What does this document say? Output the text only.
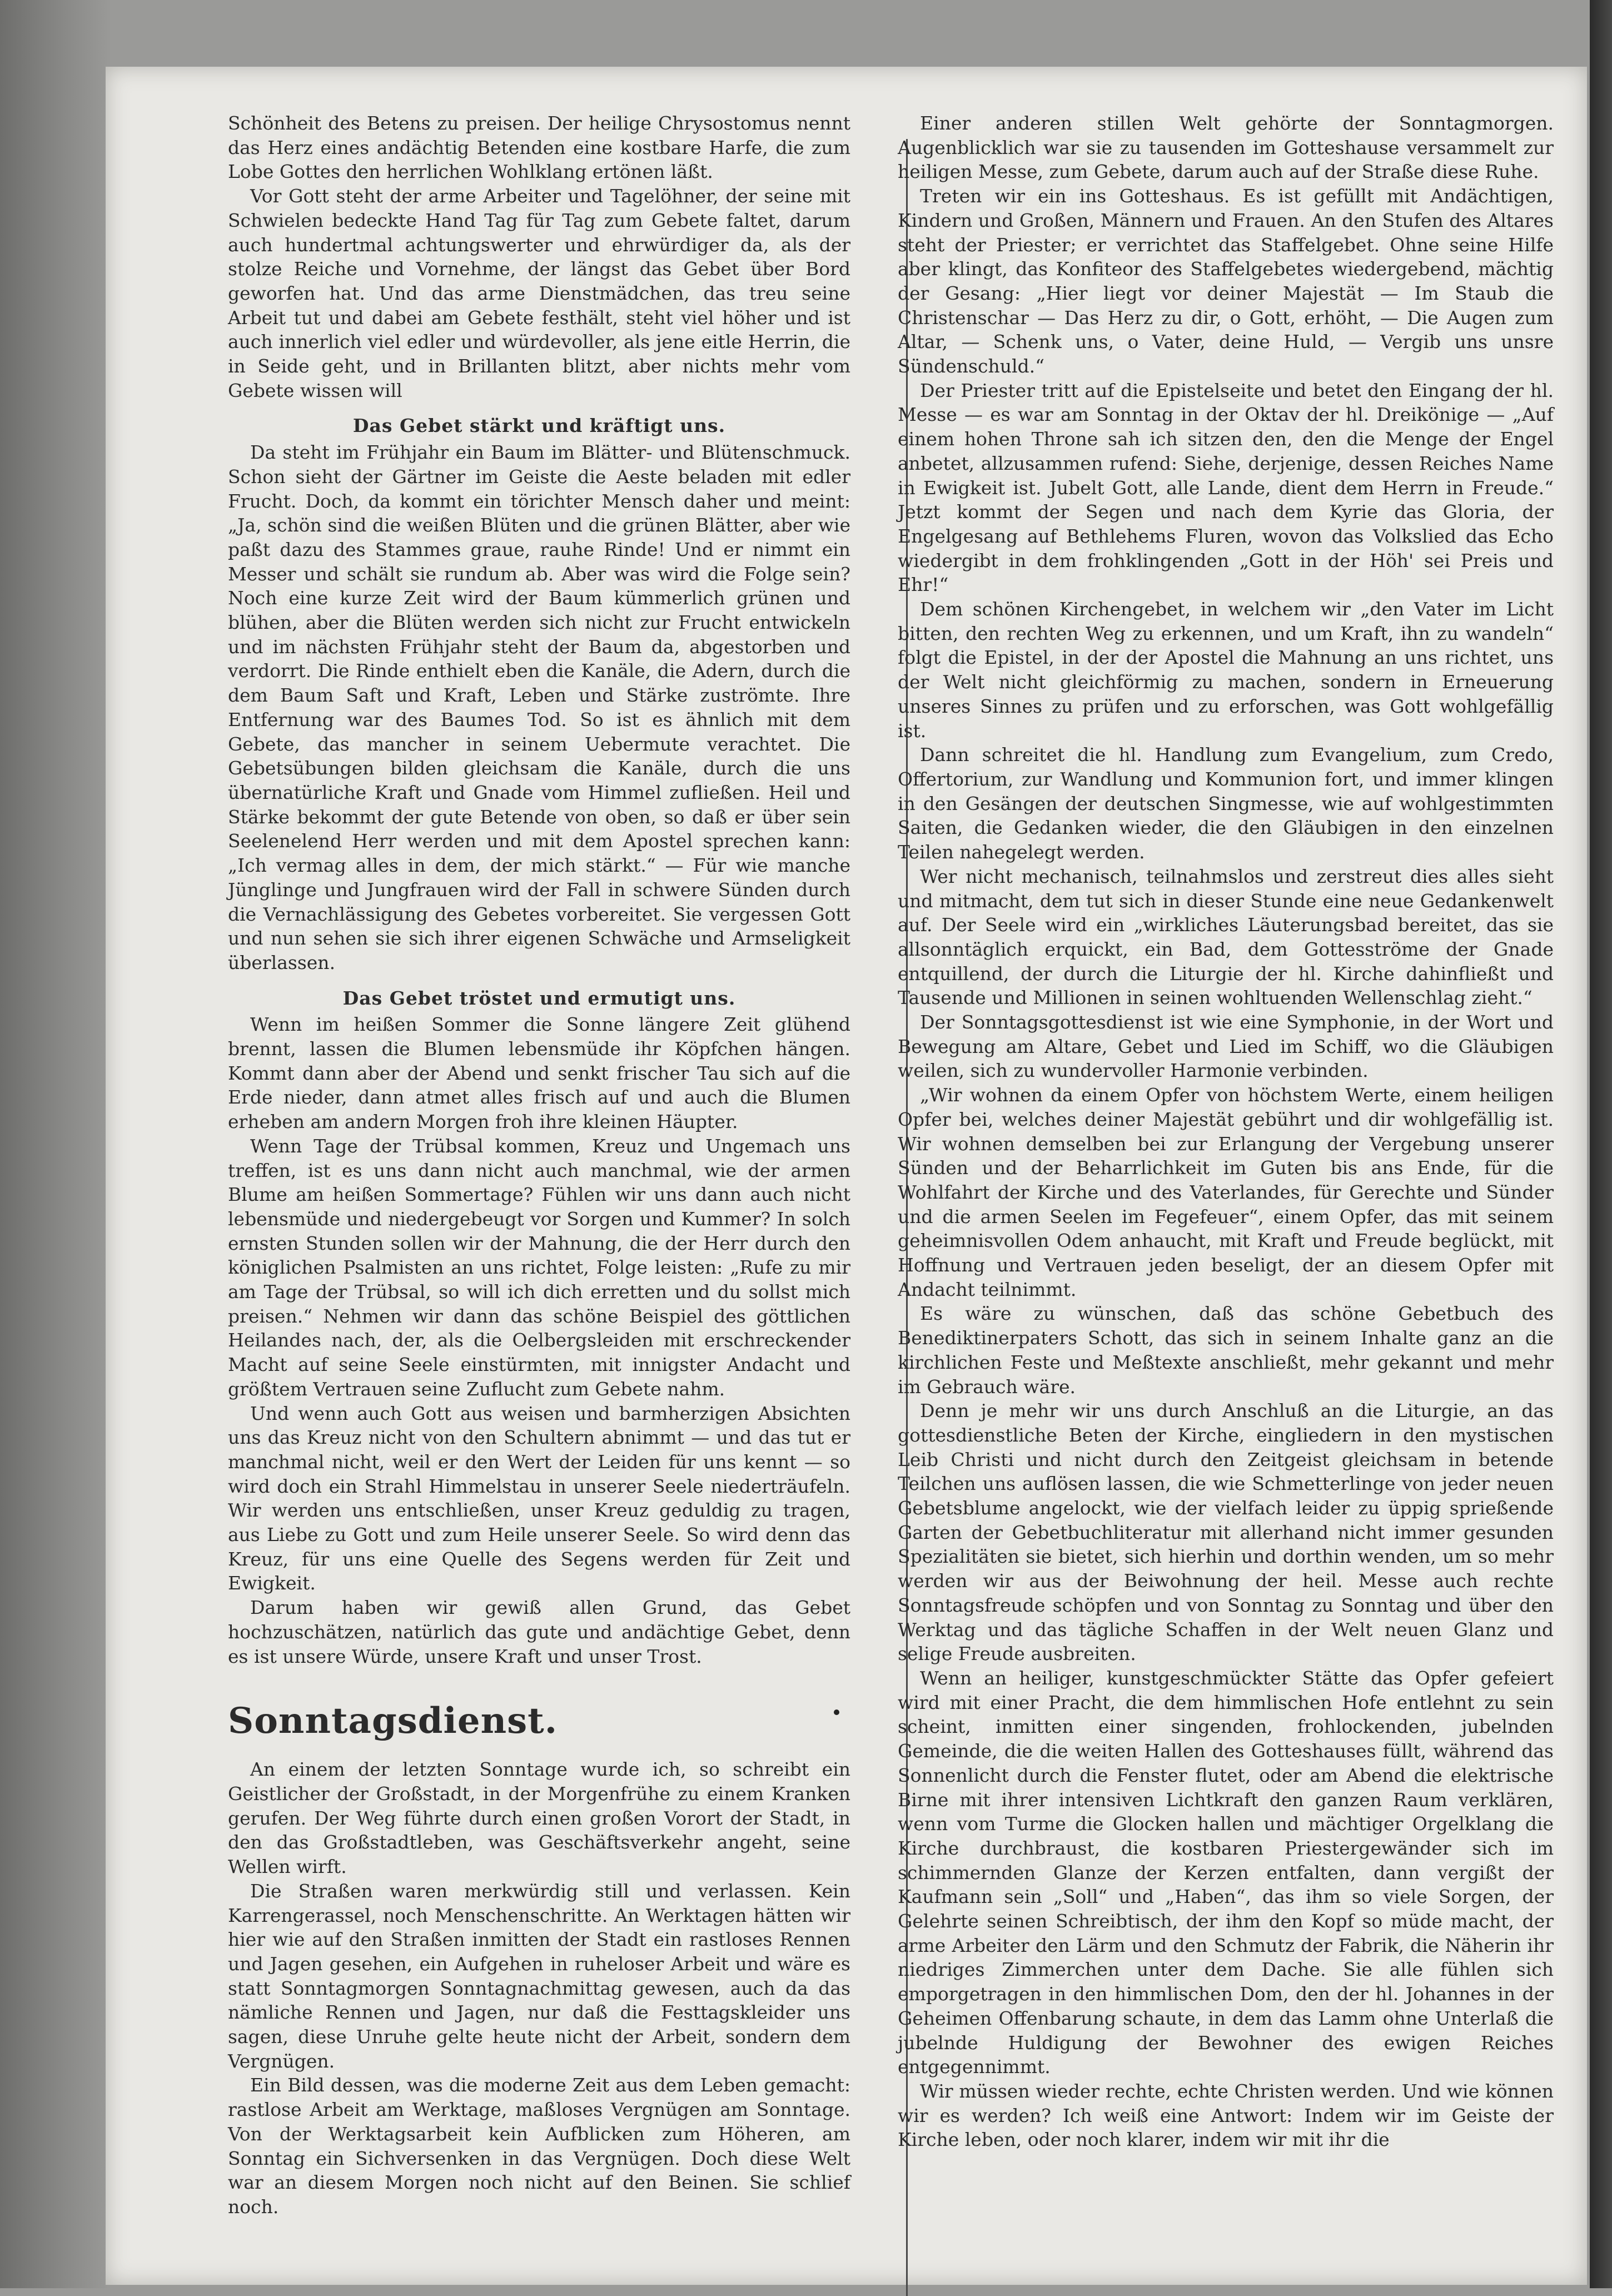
Schönheit des Betens zu preisen. Der heilige Chrysostomus nennt das Herz eines andächtig Betenden eine kostbare Harfe, die zum Lobe Gottes den herrlichen Wohlklang ertönen läßt.

Vor Gott steht der arme Arbeiter und Tagelöhner, der seine mit Schwielen bedeckte Hand Tag für Tag zum Gebete faltet, darum auch hundertmal achtungswerter und ehrwürdiger da, als der stolze Reiche und Vornehme, der längst das Gebet über Bord geworfen hat. Und das arme Dienstmädchen, das treu seine Arbeit tut und dabei am Gebete festhält, steht viel höher und ist auch innerlich viel edler und würdevoller, als jene eitle Herrin, die in Seide geht, und in Brillanten blitzt, aber nichts mehr vom Gebete wissen will

Das Gebet stärkt und kräftigt uns.

Da steht im Frühjahr ein Baum im Blätter- und Blütenschmuck. Schon sieht der Gärtner im Geiste die Aeste beladen mit edler Frucht. Doch, da kommt ein törichter Mensch daher und meint: „Ja, schön sind die weißen Blüten und die grünen Blätter, aber wie paßt dazu des Stammes graue, rauhe Rinde! Und er nimmt ein Messer und schält sie rundum ab. Aber was wird die Folge sein? Noch eine kurze Zeit wird der Baum kümmerlich grünen und blühen, aber die Blüten werden sich nicht zur Frucht entwickeln und im nächsten Frühjahr steht der Baum da, abgestorben und verdorrt. Die Rinde enthielt eben die Kanäle, die Adern, durch die dem Baum Saft und Kraft, Leben und Stärke zuströmte. Ihre Entfernung war des Baumes Tod. So ist es ähnlich mit dem Gebete, das mancher in seinem Uebermute verachtet. Die Gebetsübungen bilden gleichsam die Kanäle, durch die uns übernatürliche Kraft und Gnade vom Himmel zufließen. Heil und Stärke bekommt der gute Betende von oben, so daß er über sein Seelenelend Herr werden und mit dem Apostel sprechen kann: „Ich vermag alles in dem, der mich stärkt.“ — Für wie manche Jünglinge und Jungfrauen wird der Fall in schwere Sünden durch die Vernachlässigung des Gebetes vorbereitet. Sie vergessen Gott und nun sehen sie sich ihrer eigenen Schwäche und Armseligkeit überlassen.

Das Gebet tröstet und ermutigt uns.

Wenn im heißen Sommer die Sonne längere Zeit glühend brennt, lassen die Blumen lebensmüde ihr Köpfchen hängen. Kommt dann aber der Abend und senkt frischer Tau sich auf die Erde nieder, dann atmet alles frisch auf und auch die Blumen erheben am andern Morgen froh ihre kleinen Häupter.

Wenn Tage der Trübsal kommen, Kreuz und Ungemach uns treffen, ist es uns dann nicht auch manchmal, wie der armen Blume am heißen Sommertage? Fühlen wir uns dann auch nicht lebensmüde und niedergebeugt vor Sorgen und Kummer? In solch ernsten Stunden sollen wir der Mahnung, die der Herr durch den königlichen Psalmisten an uns richtet, Folge leisten: „Rufe zu mir am Tage der Trübsal, so will ich dich erretten und du sollst mich preisen.“ Nehmen wir dann das schöne Beispiel des göttlichen Heilandes nach, der, als die Oelbergsleiden mit erschreckender Macht auf seine Seele einstürmten, mit innigster Andacht und größtem Vertrauen seine Zuflucht zum Gebete nahm.

Und wenn auch Gott aus weisen und barmherzigen Absichten uns das Kreuz nicht von den Schultern abnimmt — und das tut er manchmal nicht, weil er den Wert der Leiden für uns kennt — so wird doch ein Strahl Himmelstau in unserer Seele niederträufeln. Wir werden uns entschließen, unser Kreuz geduldig zu tragen, aus Liebe zu Gott und zum Heile unserer Seele. So wird denn das Kreuz, für uns eine Quelle des Segens werden für Zeit und Ewigkeit.

Darum haben wir gewiß allen Grund, das Gebet hochzuschätzen, natürlich das gute und andächtige Gebet, denn es ist unsere Würde, unsere Kraft und unser Trost.

Sonntagsdienst.

An einem der letzten Sonntage wurde ich, so schreibt ein Geistlicher der Großstadt, in der Morgenfrühe zu einem Kranken gerufen. Der Weg führte durch einen großen Vorort der Stadt, in den das Großstadtleben, was Geschäftsverkehr angeht, seine Wellen wirft.

Die Straßen waren merkwürdig still und verlassen. Kein Karrengerassel, noch Menschenschritte. An Werktagen hätten wir hier wie auf den Straßen inmitten der Stadt ein rastloses Rennen und Jagen gesehen, ein Aufgehen in ruheloser Arbeit und wäre es statt Sonntagmorgen Sonntagnachmittag gewesen, auch da das nämliche Rennen und Jagen, nur daß die Festtagskleider uns sagen, diese Unruhe gelte heute nicht der Arbeit, sondern dem Vergnügen.

Ein Bild dessen, was die moderne Zeit aus dem Leben gemacht: rastlose Arbeit am Werktage, maßloses Vergnügen am Sonntage. Von der Werktagsarbeit kein Aufblicken zum Höheren, am Sonntag ein Sichversenken in das Vergnügen. Doch diese Welt war an diesem Morgen noch nicht auf den Beinen. Sie schlief noch.

Einer anderen stillen Welt gehörte der Sonntagmorgen. Augenblicklich war sie zu tausenden im Gotteshause versammelt zur heiligen Messe, zum Gebete, darum auch auf der Straße diese Ruhe.

Treten wir ein ins Gotteshaus. Es ist gefüllt mit Andächtigen, Kindern und Großen, Männern und Frauen. An den Stufen des Altares steht der Priester; er verrichtet das Staffelgebet. Ohne seine Hilfe aber klingt, das Konfiteor des Staffelgebetes wiedergebend, mächtig der Gesang: „Hier liegt vor deiner Majestät — Im Staub die Christenschar — Das Herz zu dir, o Gott, erhöht, — Die Augen zum Altar, — Schenk uns, o Vater, deine Huld, — Vergib uns unsre Sündenschuld.“

Der Priester tritt auf die Epistelseite und betet den Eingang der hl. Messe — es war am Sonntag in der Oktav der hl. Dreikönige — „Auf einem hohen Throne sah ich sitzen den, den die Menge der Engel anbetet, allzusammen rufend: Siehe, derjenige, dessen Reiches Name in Ewigkeit ist. Jubelt Gott, alle Lande, dient dem Herrn in Freude.“ Jetzt kommt der Segen und nach dem Kyrie das Gloria, der Engelgesang auf Bethlehems Fluren, wovon das Volkslied das Echo wiedergibt in dem frohklingenden „Gott in der Höh' sei Preis und Ehr!“

Dem schönen Kirchengebet, in welchem wir „den Vater im Licht bitten, den rechten Weg zu erkennen, und um Kraft, ihn zu wandeln“ folgt die Epistel, in der der Apostel die Mahnung an uns richtet, uns der Welt nicht gleichförmig zu machen, sondern in Erneuerung unseres Sinnes zu prüfen und zu erforschen, was Gott wohlgefällig ist.

Dann schreitet die hl. Handlung zum Evangelium, zum Credo, Offertorium, zur Wandlung und Kommunion fort, und immer klingen in den Gesängen der deutschen Singmesse, wie auf wohlgestimmten Saiten, die Gedanken wieder, die den Gläubigen in den einzelnen Teilen nahegelegt werden.

Wer nicht mechanisch, teilnahmslos und zerstreut dies alles sieht und mitmacht, dem tut sich in dieser Stunde eine neue Gedankenwelt auf. Der Seele wird ein „wirkliches Läuterungsbad bereitet, das sie allsonntäglich erquickt, ein Bad, dem Gottesströme der Gnade entquillend, der durch die Liturgie der hl. Kirche dahinfließt und Tausende und Millionen in seinen wohltuenden Wellenschlag zieht.“

Der Sonntagsgottesdienst ist wie eine Symphonie, in der Wort und Bewegung am Altare, Gebet und Lied im Schiff, wo die Gläubigen weilen, sich zu wundervoller Harmonie verbinden.

„Wir wohnen da einem Opfer von höchstem Werte, einem heiligen Opfer bei, welches deiner Majestät gebührt und dir wohlgefällig ist. Wir wohnen demselben bei zur Erlangung der Vergebung unserer Sünden und der Beharrlichkeit im Guten bis ans Ende, für die Wohlfahrt der Kirche und des Vaterlandes, für Gerechte und Sünder und die armen Seelen im Fegefeuer“, einem Opfer, das mit seinem geheimnisvollen Odem anhaucht, mit Kraft und Freude beglückt, mit Hoffnung und Vertrauen jeden beseligt, der an diesem Opfer mit Andacht teilnimmt.

Es wäre zu wünschen, daß das schöne Gebetbuch des Benediktinerpaters Schott, das sich in seinem Inhalte ganz an die kirchlichen Feste und Meßtexte anschließt, mehr gekannt und mehr im Gebrauch wäre.

Denn je mehr wir uns durch Anschluß an die Liturgie, an das gottesdienstliche Beten der Kirche, eingliedern in den mystischen Leib Christi und nicht durch den Zeitgeist gleichsam in betende Teilchen uns auflösen lassen, die wie Schmetterlinge von jeder neuen Gebetsblume angelockt, wie der vielfach leider zu üppig sprießende Garten der Gebetbuchliteratur mit allerhand nicht immer gesunden Spezialitäten sie bietet, sich hierhin und dorthin wenden, um so mehr werden wir aus der Beiwohnung der heil. Messe auch rechte Sonntagsfreude schöpfen und von Sonntag zu Sonntag und über den Werktag und das tägliche Schaffen in der Welt neuen Glanz und selige Freude ausbreiten.

Wenn an heiliger, kunstgeschmückter Stätte das Opfer gefeiert wird mit einer Pracht, die dem himmlischen Hofe entlehnt zu sein scheint, inmitten einer singenden, frohlockenden, jubelnden Gemeinde, die die weiten Hallen des Gotteshauses füllt, während das Sonnenlicht durch die Fenster flutet, oder am Abend die elektrische Birne mit ihrer intensiven Lichtkraft den ganzen Raum verklären, wenn vom Turme die Glocken hallen und mächtiger Orgelklang die Kirche durchbraust, die kostbaren Priestergewänder sich im schimmernden Glanze der Kerzen entfalten, dann vergißt der Kaufmann sein „Soll“ und „Haben“, das ihm so viele Sorgen, der Gelehrte seinen Schreibtisch, der ihm den Kopf so müde macht, der arme Arbeiter den Lärm und den Schmutz der Fabrik, die Näherin ihr niedriges Zimmerchen unter dem Dache. Sie alle fühlen sich emporgetragen in den himmlischen Dom, den der hl. Johannes in der Geheimen Offenbarung schaute, in dem das Lamm ohne Unterlaß die jubelnde Huldigung der Bewohner des ewigen Reiches entgegennimmt.

Wir müssen wieder rechte, echte Christen werden. Und wie können wir es werden? Ich weiß eine Antwort: Indem wir im Geiste der Kirche leben, oder noch klarer, indem wir mit ihr die
